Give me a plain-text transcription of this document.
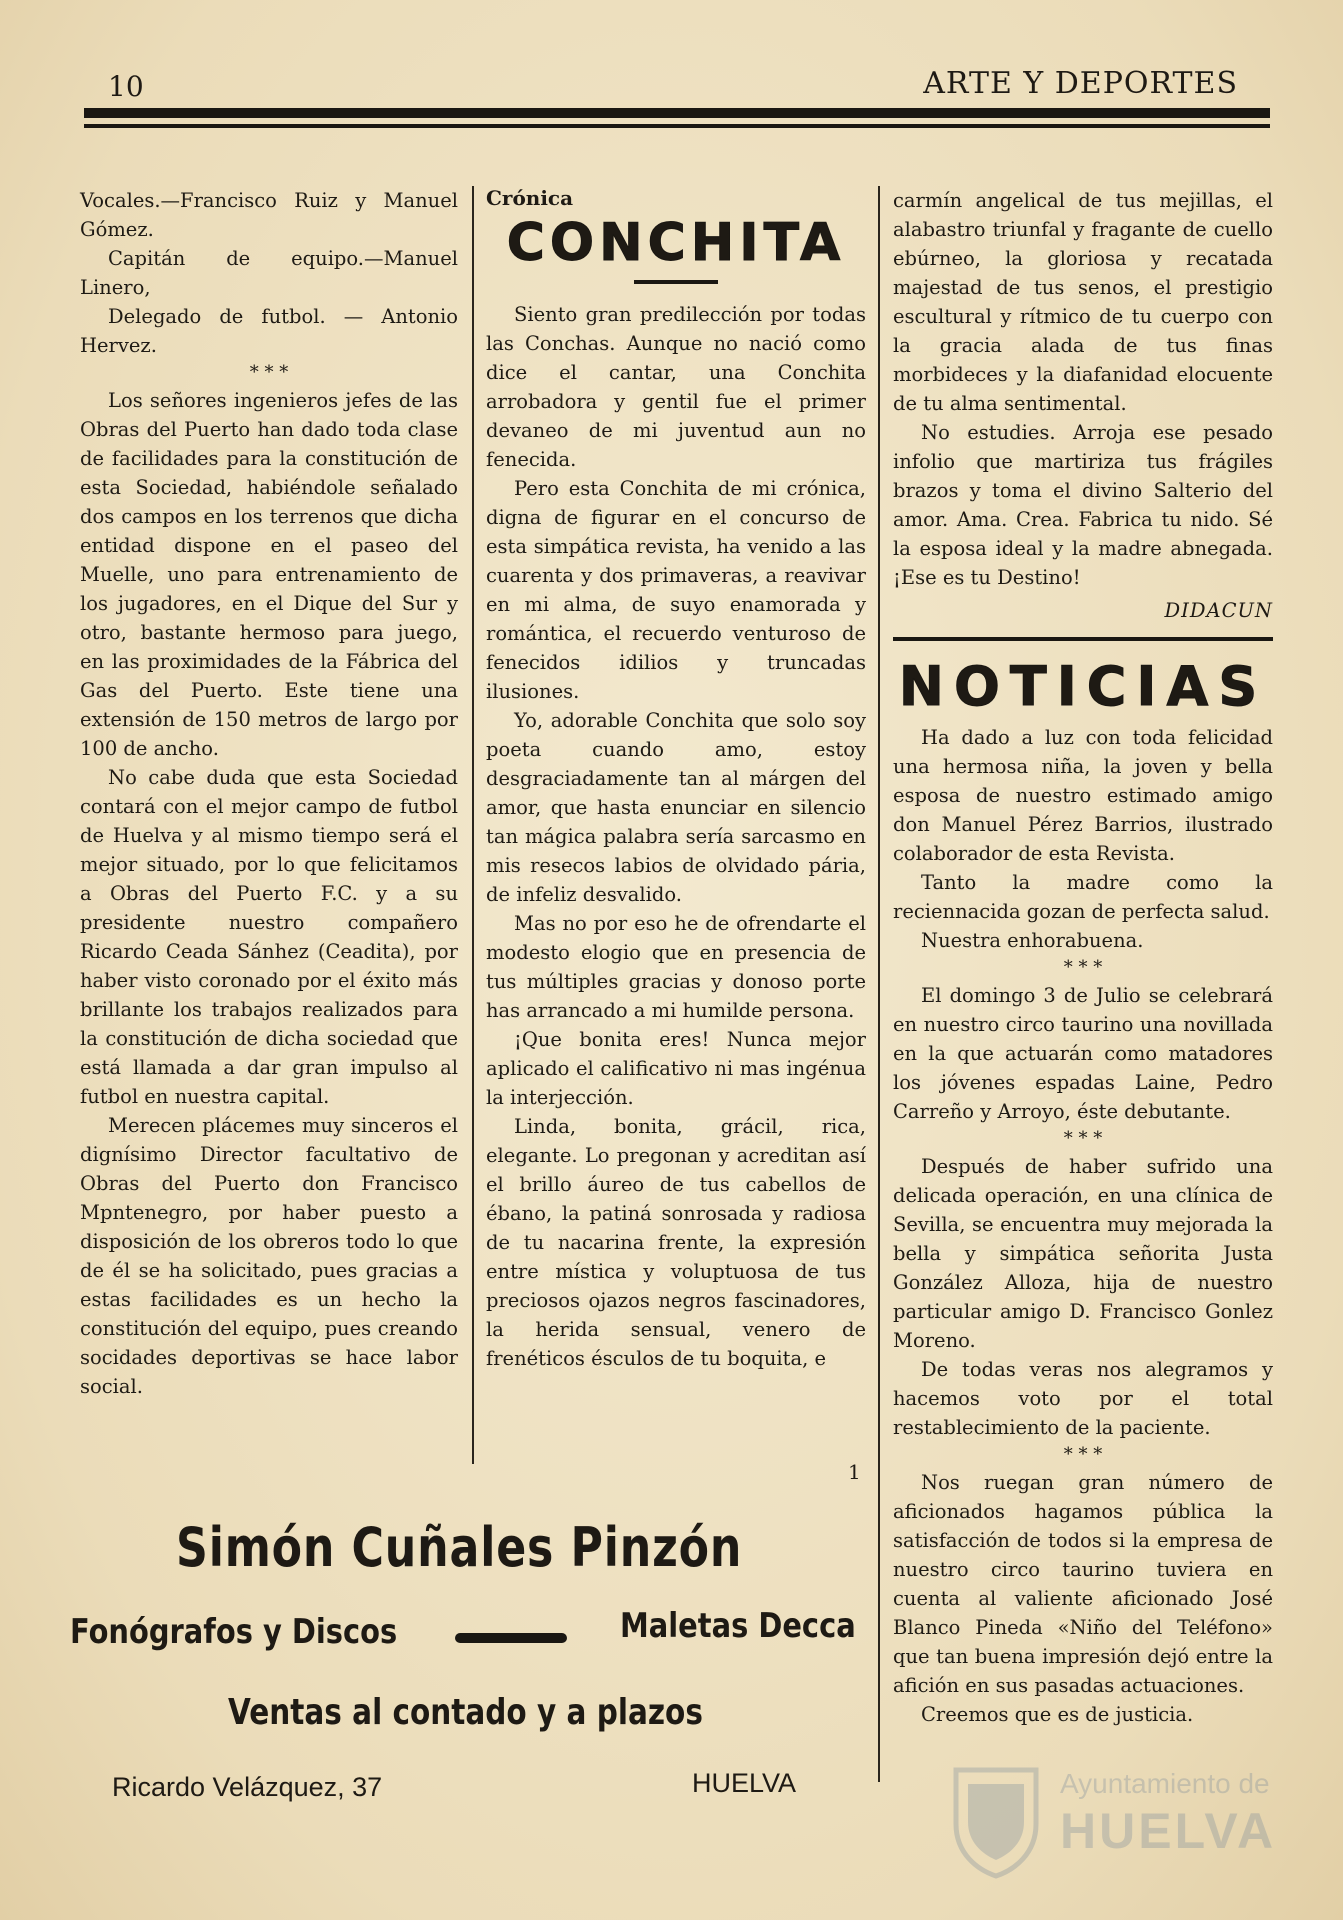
10	ARTE Y DEPORTES

Vocales.—Francisco Ruiz y Manuel Gómez.

Capitán de equipo.—Manuel Linero,

Delegado de futbol. — Antonio Hervez.

* * *

Los señores ingenieros jefes de las Obras del Puerto han dado toda clase de facilidades para la constitución de esta Sociedad, habiéndole señalado dos campos en los terrenos que dicha entidad dispone en el paseo del Muelle, uno para entrenamiento de los jugadores, en el Dique del Sur y otro, bastante hermoso para juego, en las proximidades de la Fábrica del Gas del Puerto. Este tiene una extensión de 150 metros de largo por 100 de ancho.

No cabe duda que esta Sociedad contará con el mejor campo de futbol de Huelva y al mismo tiempo será el mejor situado, por lo que felicitamos a Obras del Puerto F.C. y a su presidente nuestro compañero Ricardo Ceada Sánhez (Ceadita), por haber visto coronado por el éxito más brillante los trabajos realizados para la constitución de dicha sociedad que está llamada a dar gran impulso al futbol en nuestra capital.

Merecen plácemes muy sinceros el dignísimo Director facultativo de Obras del Puerto don Francisco Mpntenegro, por haber puesto a disposición de los obreros todo lo que de él se ha solicitado, pues gracias a estas facilidades es un hecho la constitución del equipo, pues creando socidades deportivas se hace labor social.

Crónica
CONCHITA

Siento gran predilección por todas las Conchas. Aunque no nació como dice el cantar, una Conchita arrobadora y gentil fue el primer devaneo de mi juventud aun no fenecida.

Pero esta Conchita de mi crónica, digna de figurar en el concurso de esta simpática revista, ha venido a las cuarenta y dos primaveras, a reavivar en mi alma, de suyo enamorada y romántica, el recuerdo venturoso de fenecidos idilios y truncadas ilusiones.

Yo, adorable Conchita que solo soy poeta cuando amo, estoy desgraciadamente tan al márgen del amor, que hasta enunciar en silencio tan mágica palabra sería sarcasmo en mis resecos labios de olvidado pária, de infeliz desvalido.

Mas no por eso he de ofrendarte el modesto elogio que en presencia de tus múltiples gracias y donoso porte has arrancado a mi humilde persona.

¡Que bonita eres! Nunca mejor aplicado el calificativo ni mas ingénua la interjección.

Linda, bonita, grácil, rica, elegante. Lo pregonan y acreditan así el brillo áureo de tus cabellos de ébano, la patiná sonrosada y radiosa de tu nacarina frente, la expresión entre mística y voluptuosa de tus preciosos ojazos negros fascinadores, la herida sensual, venero de frenéticos ésculos de tu boquita, e

1

carmín angelical de tus mejillas, el alabastro triunfal y fragante de cuello ebúrneo, la gloriosa y recatada majestad de tus senos, el prestigio escultural y rítmico de tu cuerpo con la gracia alada de tus finas morbideces y la diafanidad elocuente de tu alma sentimental.

No estudies. Arroja ese pesado infolio que martiriza tus frágiles brazos y toma el divino Salterio del amor. Ama. Crea. Fabrica tu nido. Sé la esposa ideal y la madre abnegada. ¡Ese es tu Destino!

DIDACUN
NOTICIAS

Ha dado a luz con toda felicidad una hermosa niña, la joven y bella esposa de nuestro estimado amigo don Manuel Pérez Barrios, ilustrado colaborador de esta Revista.

Tanto la madre como la reciennacida gozan de perfecta salud.

Nuestra enhorabuena.

* * *

El domingo 3 de Julio se celebrará en nuestro circo taurino una novillada en la que actuarán como matadores los jóvenes espadas Laine, Pedro Carreño y Arroyo, éste debutante.

* * *

Después de haber sufrido una delicada operación, en una clínica de Sevilla, se encuentra muy mejorada la bella y simpática señorita Justa González Alloza, hija de nuestro particular amigo D. Francisco Gonlez Moreno.

De todas veras nos alegramos y hacemos voto por el total restablecimiento de la paciente.

* * *

Nos ruegan gran número de aficionados hagamos pública la satisfacción de todos si la empresa de nuestro circo taurino tuviera en cuenta al valiente aficionado José Blanco Pineda «Niño del Teléfono» que tan buena impresión dejó entre la afición en sus pasadas actuaciones.

Creemos que es de justicia.

Simón Cuñales Pinzón
Fonógrafos y Discos	Maletas Decca
Ventas al contado y a plazos
Ricardo Velázquez, 37	HUELVA	Ayuntamiento de
HUELVA
